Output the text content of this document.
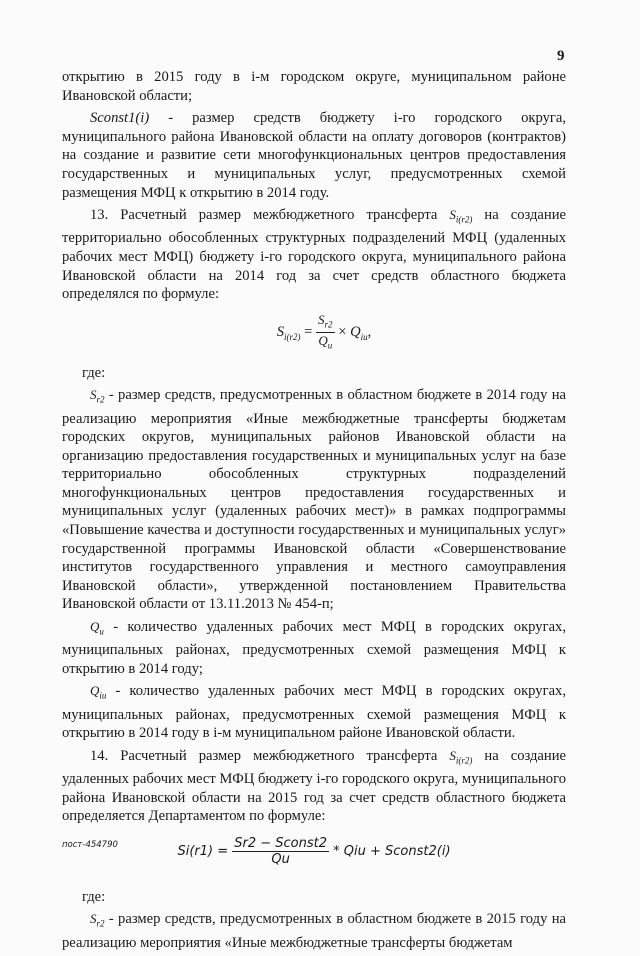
9

открытию в 2015 году в i-м городском округе, муниципальном районе Ивановской области;

Sconst1(i) - размер средств бюджету i-го городского округа, муниципального района Ивановской области на оплату договоров (контрактов) на создание и развитие сети многофункциональных центров предоставления государственных и муниципальных услуг, предусмотренных схемой размещения МФЦ к открытию в 2014 году.

13. Расчетный размер межбюджетного трансферта $S_{i(r2)}$ на создание территориально обособленных структурных подразделений МФЦ (удаленных рабочих мест МФЦ) бюджету i-го городского округа, муниципального района Ивановской области на 2014 год за счет средств областного бюджета определялся по формуле:

$S_{i(r2)} = \frac{S_{r2}}{Q_u} \times Q_{iu}$,

где:

$S_{r2}$ - размер средств, предусмотренных в областном бюджете в 2014 году на реализацию мероприятия «Иные межбюджетные трансферты бюджетам городских округов, муниципальных районов Ивановской области на организацию предоставления государственных и муниципальных услуг на базе территориально обособленных структурных подразделений многофункциональных центров предоставления государственных и муниципальных услуг (удаленных рабочих мест)» в рамках подпрограммы «Повышение качества и доступности государственных и муниципальных услуг» государственной программы Ивановской области «Совершенствование институтов государственного управления и местного самоуправления Ивановской области», утвержденной постановлением Правительства Ивановской области от 13.11.2013 № 454-п;

$Q_u$ - количество удаленных рабочих мест МФЦ в городских округах, муниципальных районах, предусмотренных схемой размещения МФЦ к открытию в 2014 году;

$Q_{iu}$ - количество удаленных рабочих мест МФЦ в городских округах, муниципальных районах, предусмотренных схемой размещения МФЦ к открытию в 2014 году в i-м муниципальном районе Ивановской области.

14. Расчетный размер межбюджетного трансферта $S_{i(r2)}$ на создание удаленных рабочих мест МФЦ бюджету i-го городского округа, муниципального района Ивановской области на 2015 год за счет средств областного бюджета определяется Департаментом по формуле:

$Si(r1) = \frac{\text{Sr2 − Sconst2}}{Qu}$ * Qiu + Sconst2(i)

где:

$S_{r2}$ - размер средств, предусмотренных в областном бюджете в 2015 году на реализацию мероприятия «Иные межбюджетные трансферты бюджетам

пост-454790
